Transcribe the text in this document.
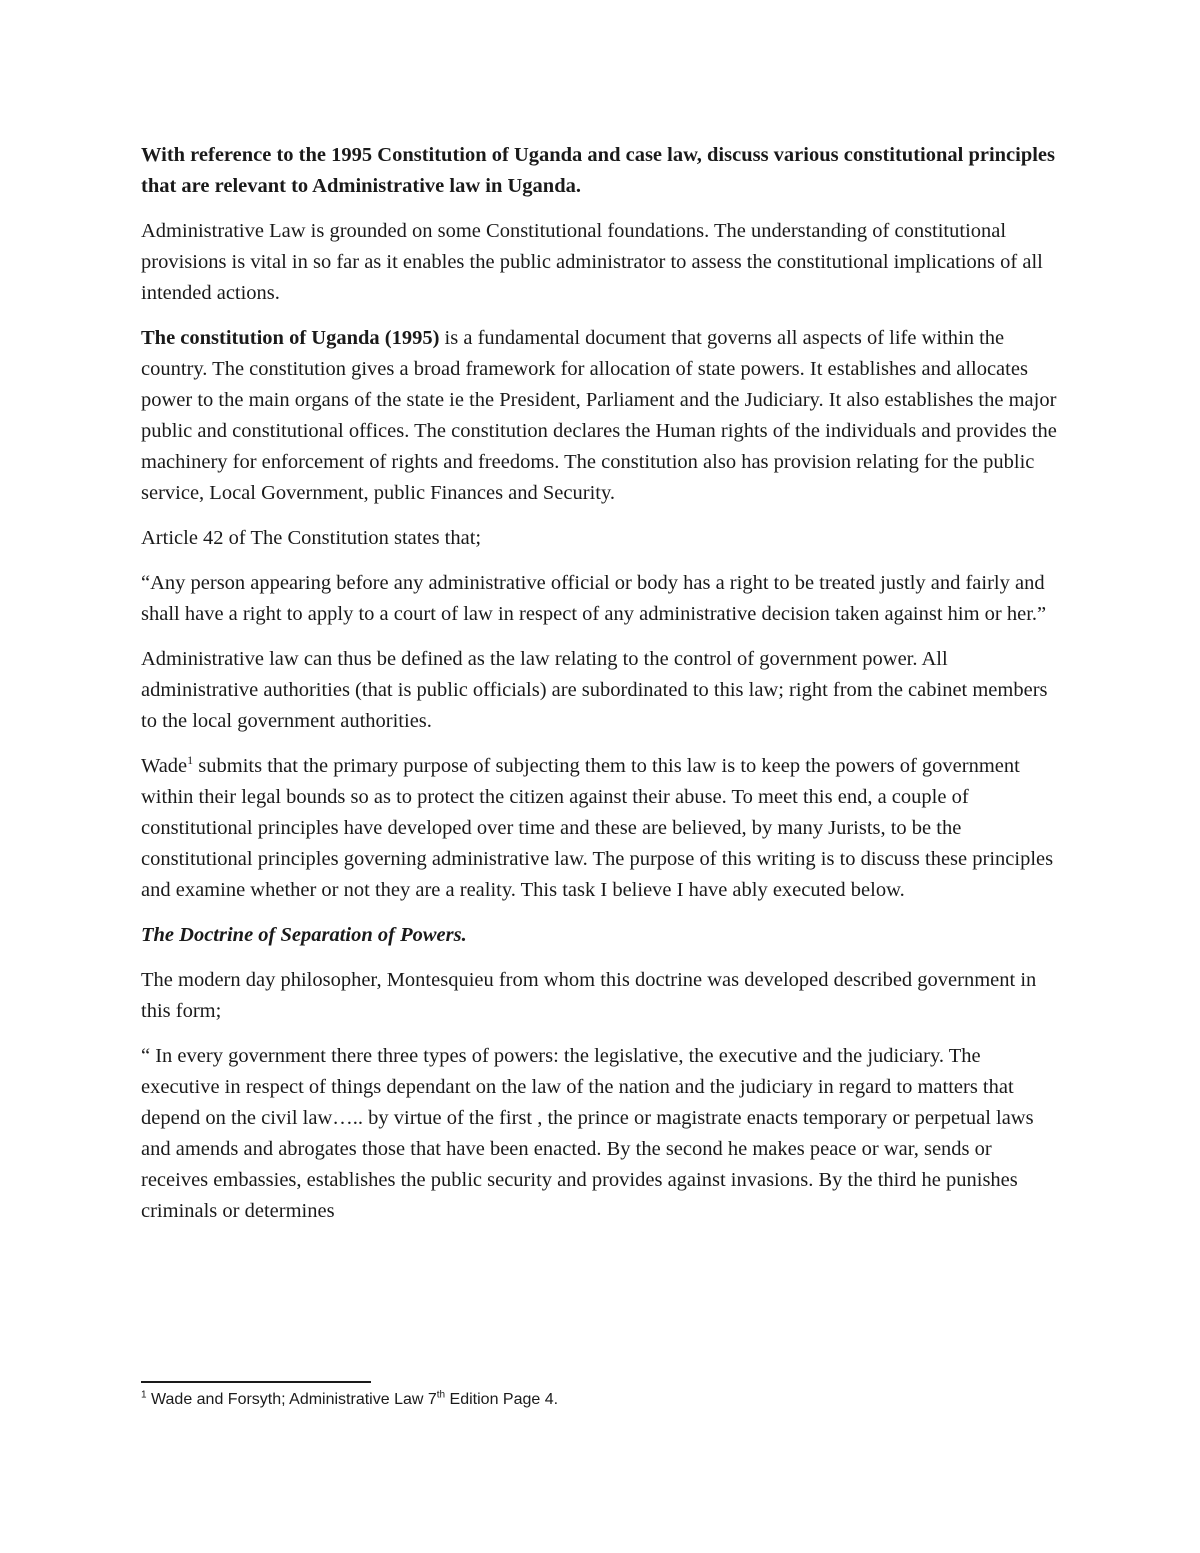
With reference to the 1995 Constitution of Uganda and case law, discuss various constitutional principles that are relevant to Administrative law in Uganda.

Administrative Law is grounded on some Constitutional foundations. The understanding of constitutional provisions is vital in so far as it enables the public administrator to assess the constitutional implications of all intended actions.

The constitution of Uganda (1995) is a fundamental document that governs all aspects of life within the country. The constitution gives a broad framework for allocation of state powers. It establishes and allocates power to the main organs of the state ie the President, Parliament and the Judiciary. It also establishes the major public and constitutional offices. The constitution declares the Human rights of the individuals and provides the machinery for enforcement of rights and freedoms. The constitution also has provision relating for the public service, Local Government, public Finances and Security.

Article 42 of The Constitution states that;

“Any person appearing before any administrative official or body has a right to be treated justly and fairly and shall have a right to apply to a court of law in respect of any administrative decision taken against him or her.”

Administrative law can thus be defined as the law relating to the control of government power. All administrative authorities (that is public officials) are subordinated to this law; right from the cabinet members to the local government authorities.

Wade$^1$ submits that the primary purpose of subjecting them to this law is to keep the powers of government within their legal bounds so as to protect the citizen against their abuse. To meet this end, a couple of constitutional principles have developed over time and these are believed, by many Jurists, to be the constitutional principles governing administrative law. The purpose of this writing is to discuss these principles and examine whether or not they are a reality. This task I believe I have ably executed below.

The Doctrine of Separation of Powers.

The modern day philosopher, Montesquieu from whom this doctrine was developed described government in this form;

“ In every government there three types of powers: the legislative, the executive and the judiciary. The executive in respect of things dependant on the law of the nation and the judiciary in regard to matters that depend on the civil law….. by virtue of the first , the prince or magistrate enacts temporary or perpetual laws and amends and abrogates those that have been enacted. By the second he makes peace or war, sends or receives embassies, establishes the public security and provides against invasions. By the third he punishes criminals or determines

$^1$ Wade and Forsyth; Administrative Law 7th Edition Page 4.
